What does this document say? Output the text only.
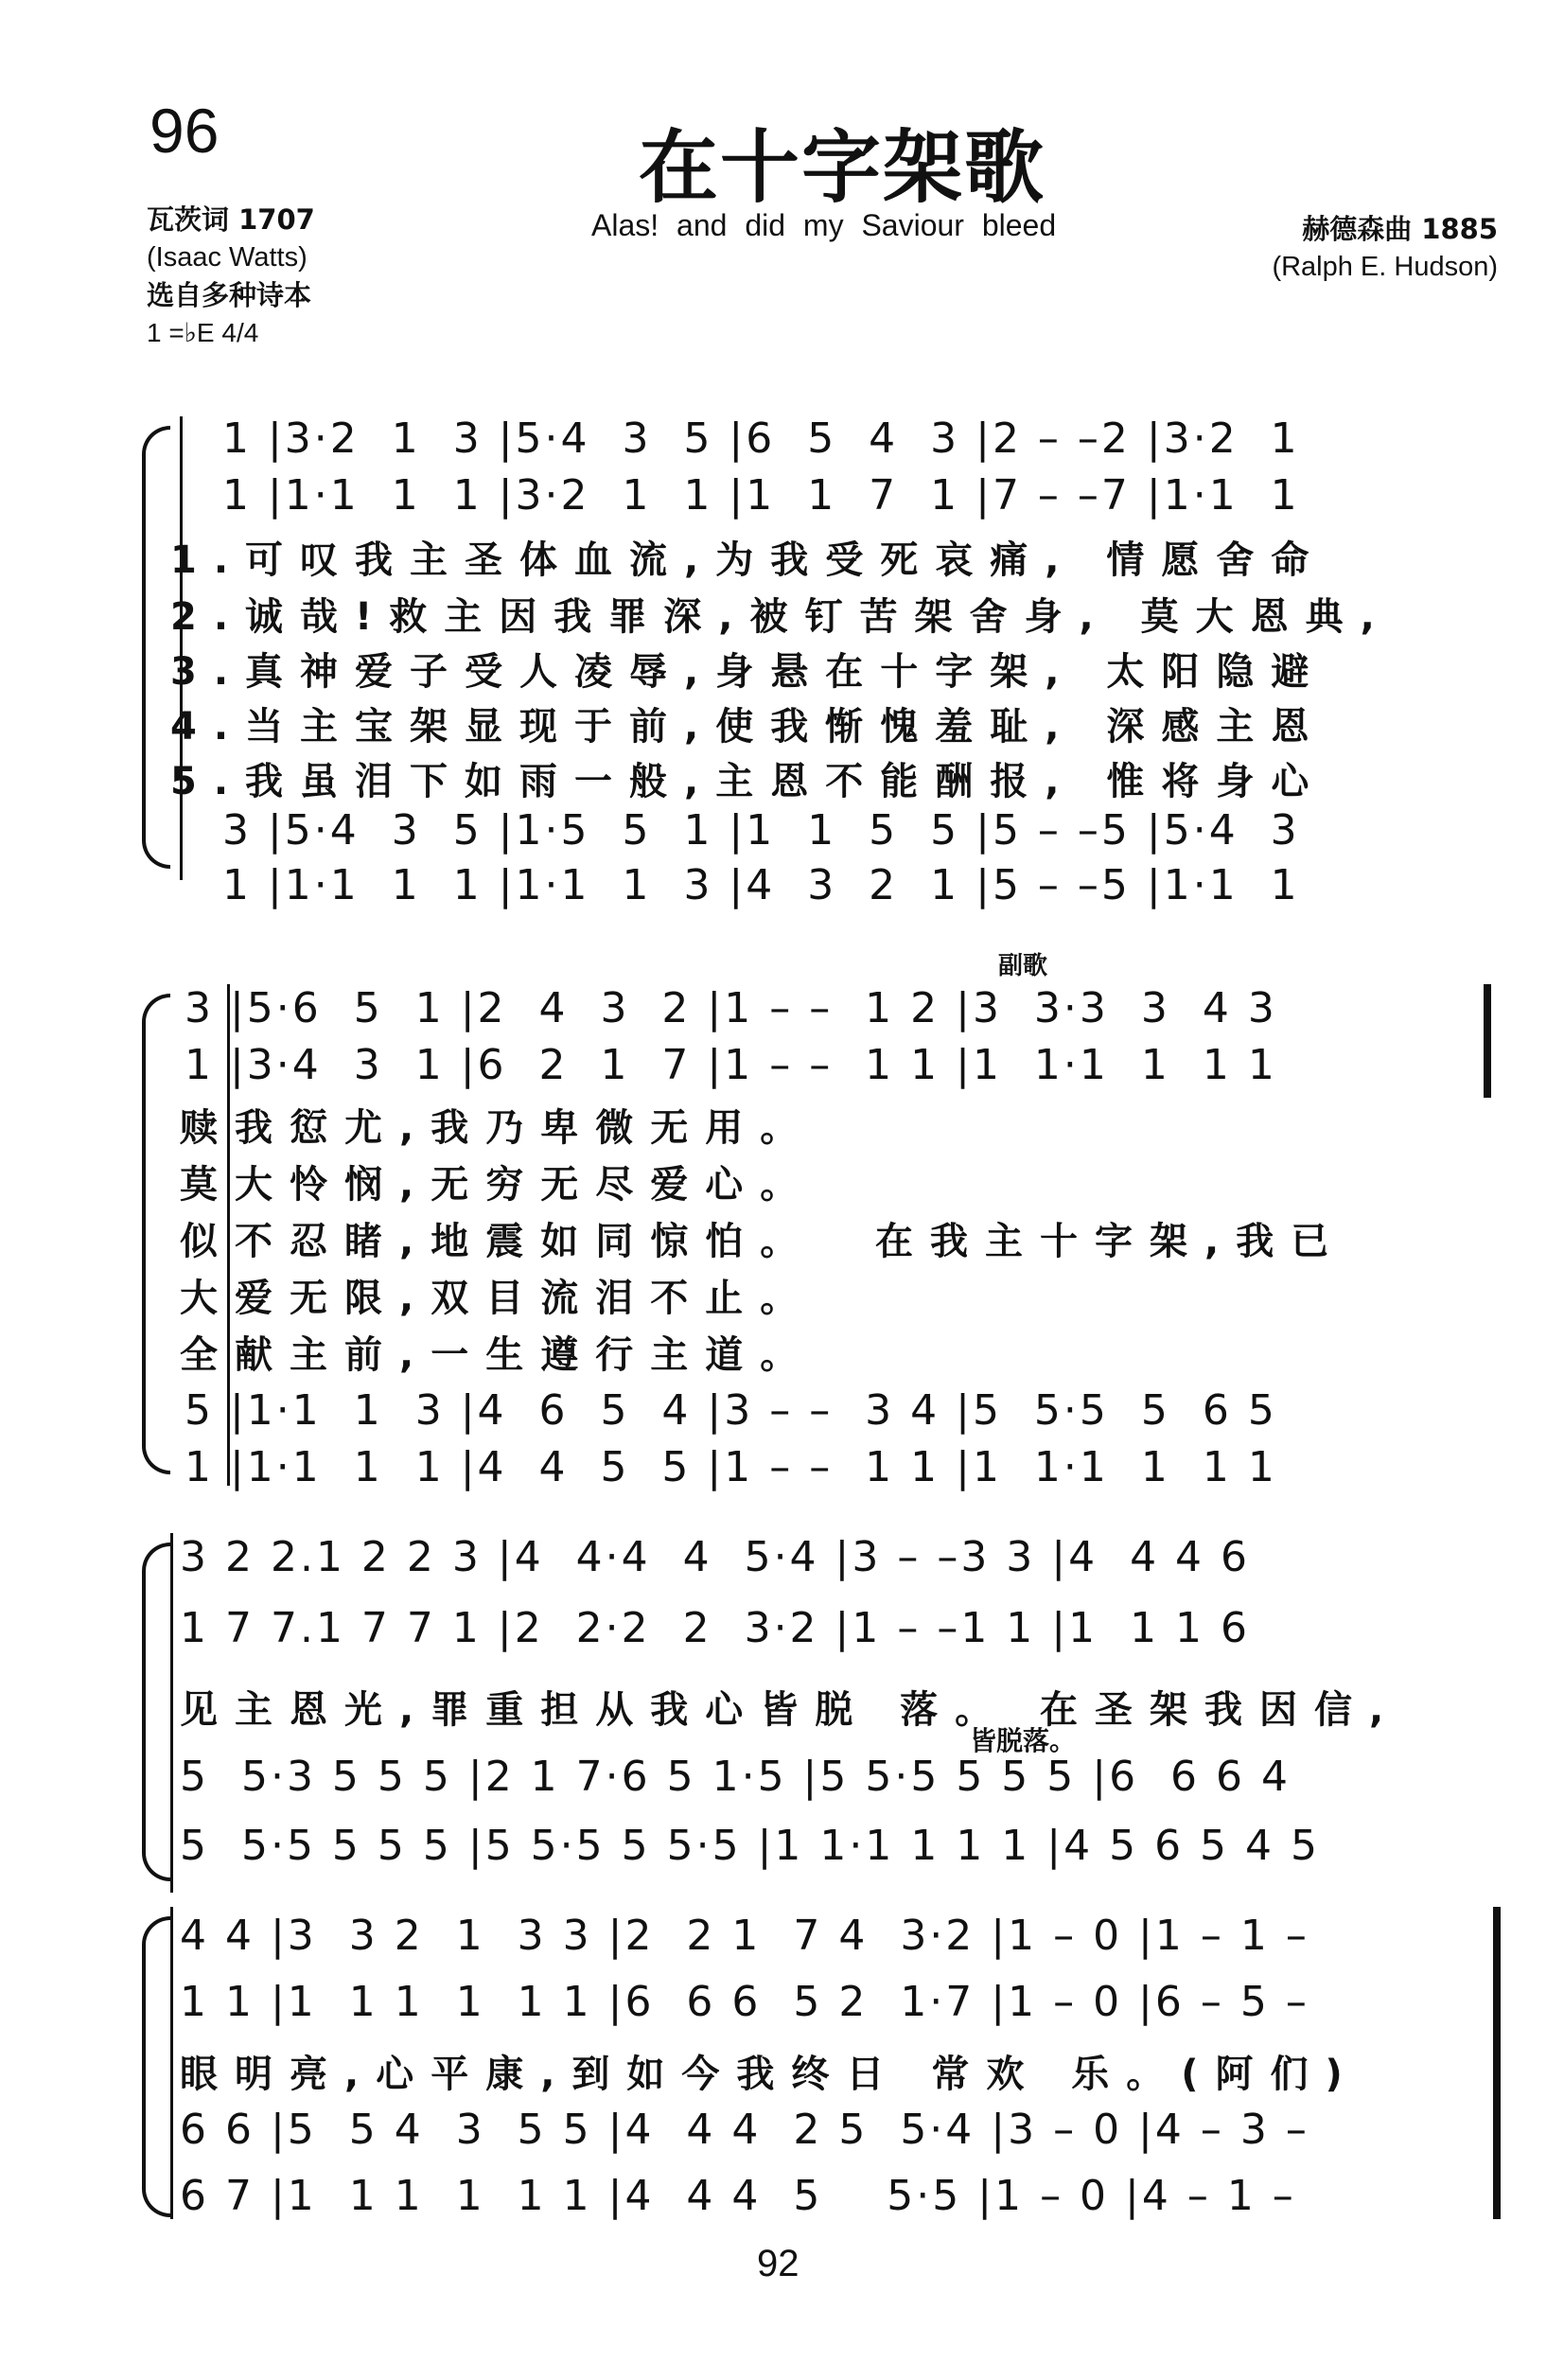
96	在十字架歌
Alas! and did my Saviour bleed
瓦茨词 1707
(Isaac Watts)
选自多种诗本
1 =♭E 4/4
赫德森曲 1885
(Ralph E. Hudson)
1 |3·2  1  3 |5·4  3  5 |6  5  4  3 |2 – –2 |3·2  1
1 |1·1  1  1 |3·2  1  1 |1  1  7  1 |7 – –7 |1·1  1
1.可叹我主圣体血流,为我受死哀痛, 情愿舍命
2.诚哉!救主因我罪深,被钉苦架舍身, 莫大恩典,
3.真神爱子受人凌辱,身悬在十字架, 太阳隐避
4.当主宝架显现于前,使我惭愧羞耻, 深感主恩
5.我虽泪下如雨一般,主恩不能酬报, 惟将身心
3 |5·4  3  5 |1·5  5  1 |1  1  5  5 |5 – –5 |5·4  3
1 |1·1  1  1 |1·1  1  3 |4  3  2  1 |5 – –5 |1·1  1
副歌
3 |5·6  5  1 |2  4  3  2 |1 – –  1 2 |3  3·3  3  4 3
1 |3·4  3  1 |6  2  1  7 |1 – –  1 1 |1  1·1  1  1 1
赎我愆尤,我乃卑微无用。
莫大怜悯,无穷无尽爱心。
似不忍睹,地震如同惊怕。  在我主十字架,我已
大爱无限,双目流泪不止。
全献主前,一生遵行主道。
5 |1·1  1  3 |4  6  5  4 |3 – –  3 4 |5  5·5  5  6 5
1 |1·1  1  1 |4  4  5  5 |1 – –  1 1 |1  1·1  1  1 1
3 2 2.1 2 2 3 |4  4·4  4  5·4 |3 – –3 3 |4  4 4 6
1 7 7.1 7 7 1 |2  2·2  2  3·2 |1 – –1 1 |1  1 1 6
见主恩光,罪重担从我心皆脱 落。 在圣架我因信,
皆脱落。
5  5·3 5 5 5 |2 1 7·6 5 1·5 |5 5·5 5 5 5 |6  6 6 4
5  5·5 5 5 5 |5 5·5 5 5·5 |1 1·1 1 1 1 |4 5 6 5 4 5
4 4 |3  3 2  1  3 3 |2  2 1  7 4  3·2 |1 – 0 |1 – 1 –
1 1 |1  1 1  1  1 1 |6  6 6  5 2  1·7 |1 – 0 |6 – 5 –
眼明亮,心平康,到如今我终日 常欢 乐。(阿们)
6 6 |5  5 4  3  5 5 |4  4 4  2 5  5·4 |3 – 0 |4 – 3 –
6 7 |1  1 1  1  1 1 |4  4 4  5    5·5 |1 – 0 |4 – 1 –
92
